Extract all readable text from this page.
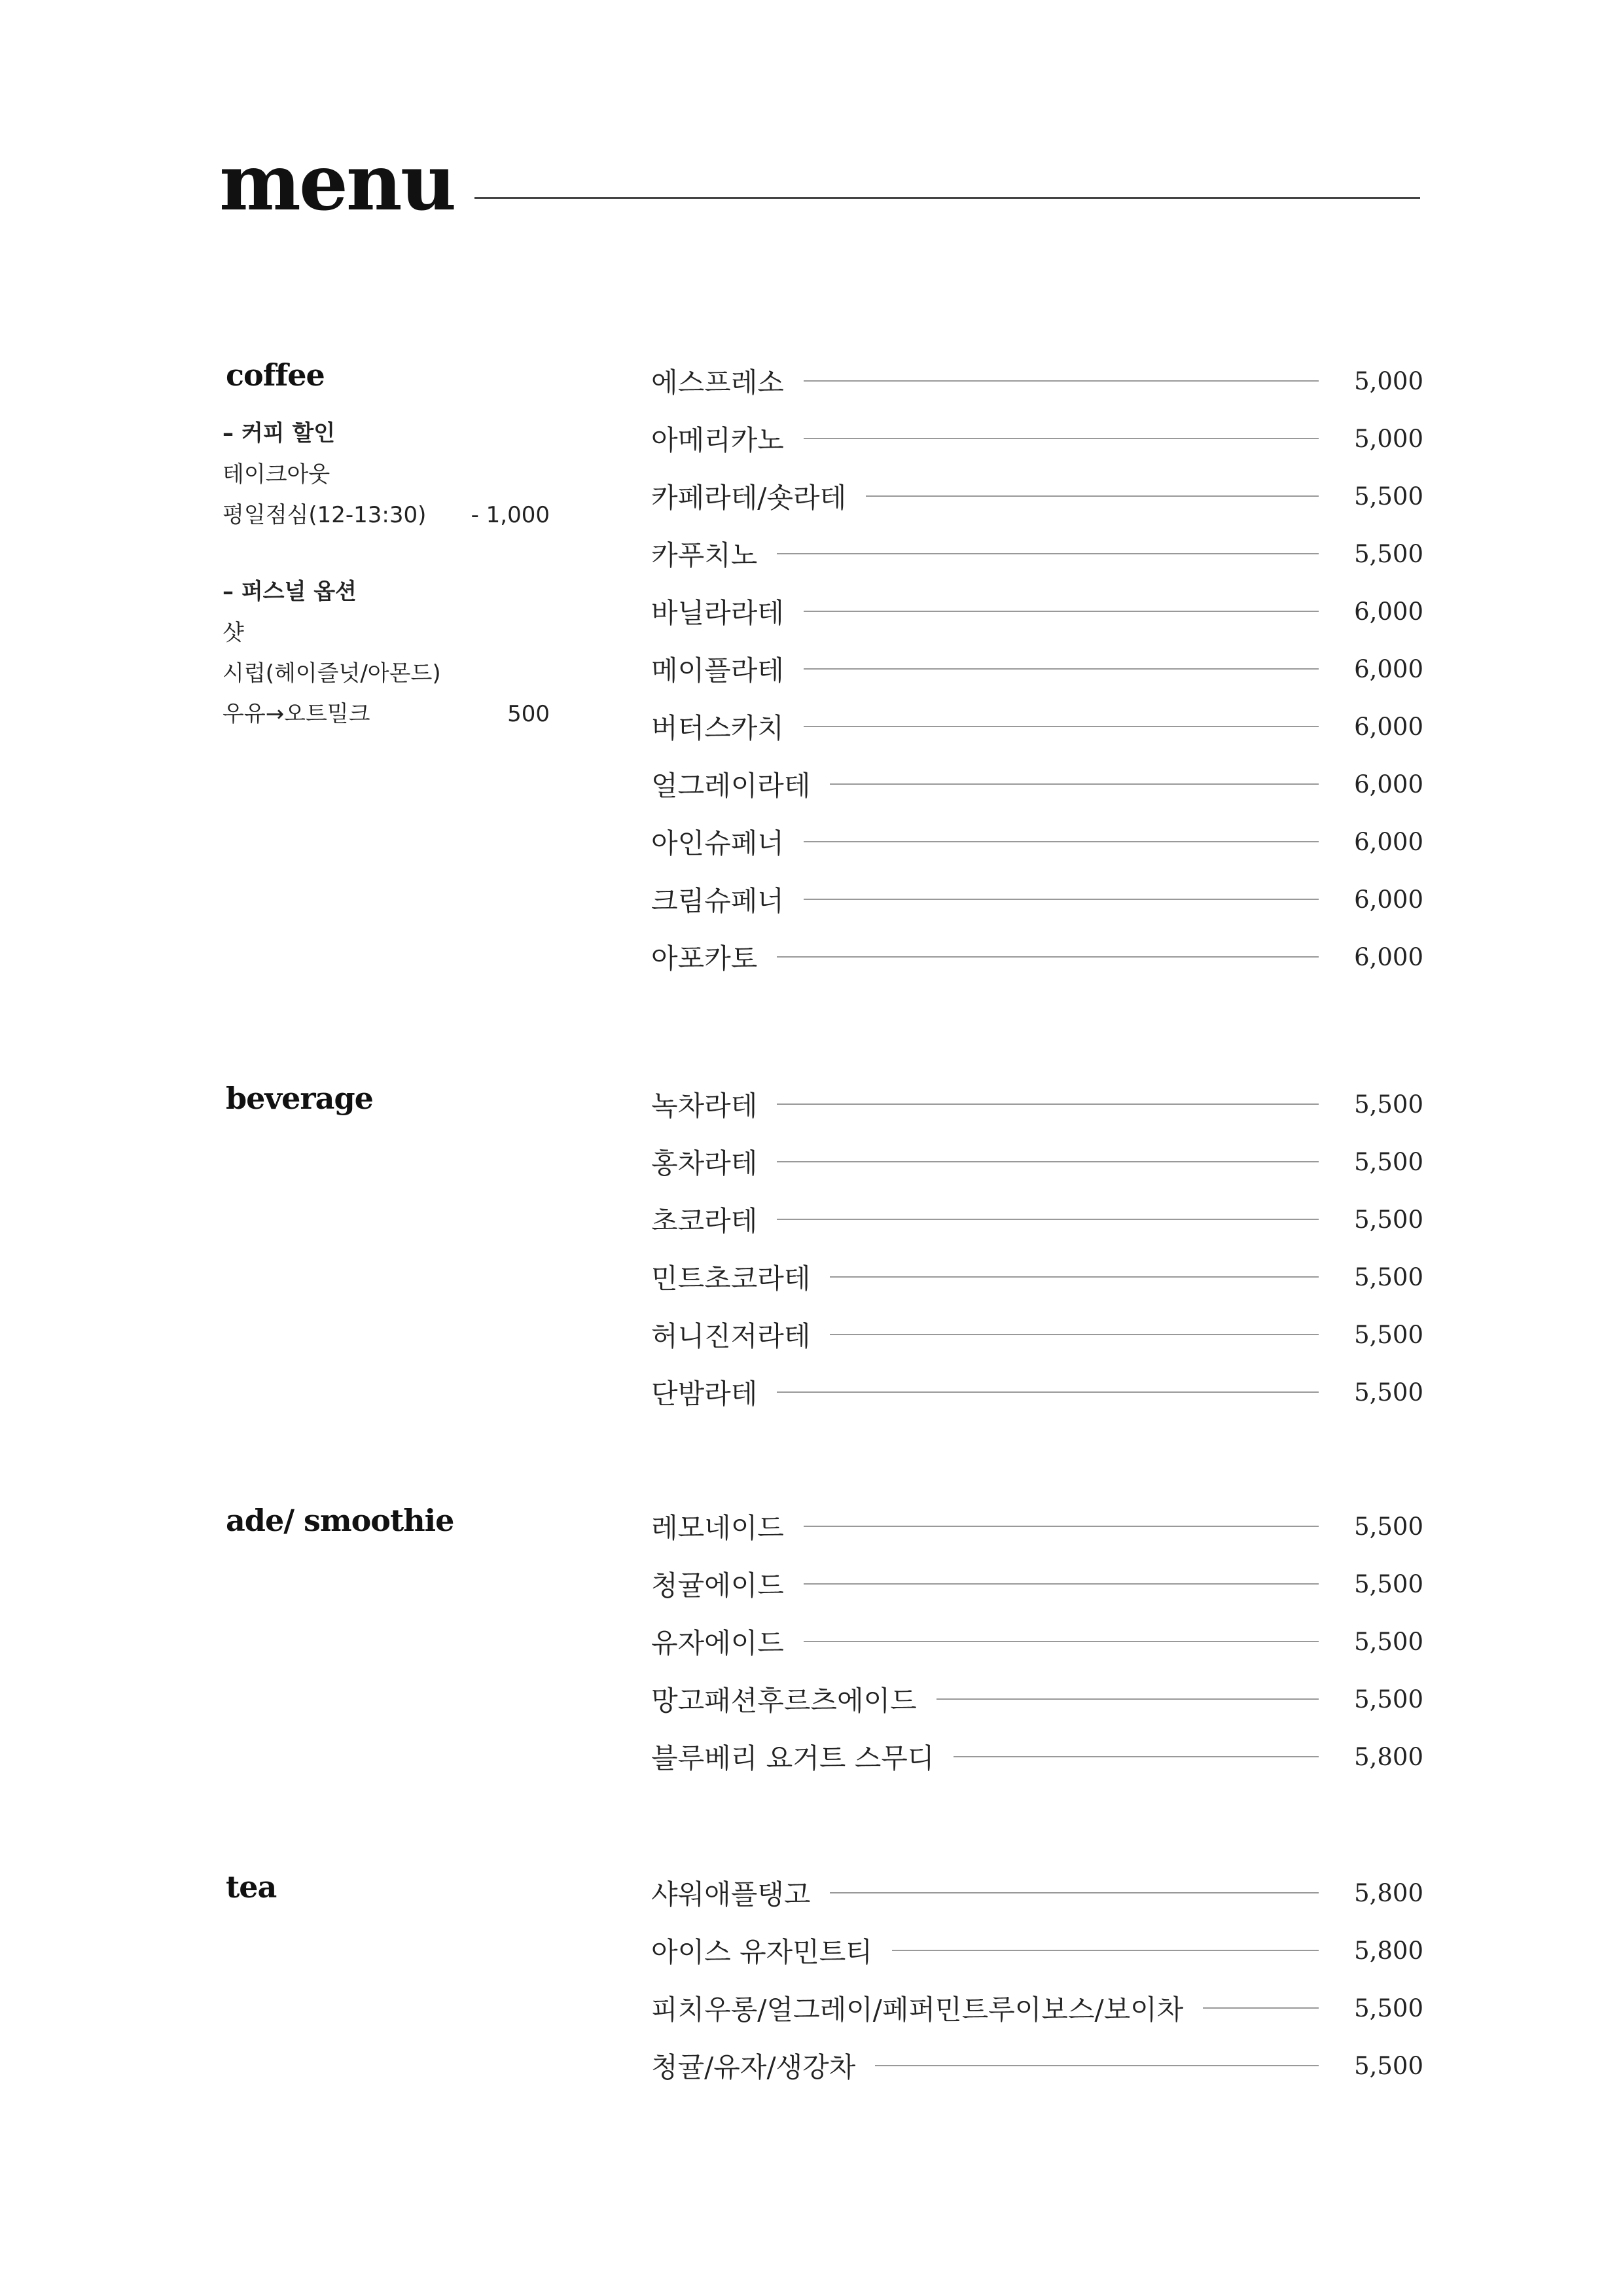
menu
coffee
– 커피 할인
테이크아웃
평일점심(12-13:30) - 1,000
– 퍼스널 옵션
샷
시럽(헤이즐넛/아몬드)
우유→오트밀크	500
에스프레소	5,000
아메리카노	5,000
카페라테/숏라테	5,500
카푸치노	5,500
바닐라라테	6,000
메이플라테	6,000
버터스카치	6,000
얼그레이라테	6,000
아인슈페너	6,000
크림슈페너	6,000
아포카토	6,000
beverage	녹차라테	5,500
홍차라테	5,500
초코라테	5,500
민트초코라테	5,500
허니진저라테	5,500
단밤라테	5,500
ade/ smoothie	레모네이드	5,500
청귤에이드	5,500
유자에이드	5,500
망고패션후르츠에이드	5,500
블루베리 요거트 스무디	5,800
tea	샤워애플탱고	5,800
아이스 유자민트티	5,800
피치우롱/얼그레이/페퍼민트루이보스/보이차	5,500
청귤/유자/생강차	5,500
